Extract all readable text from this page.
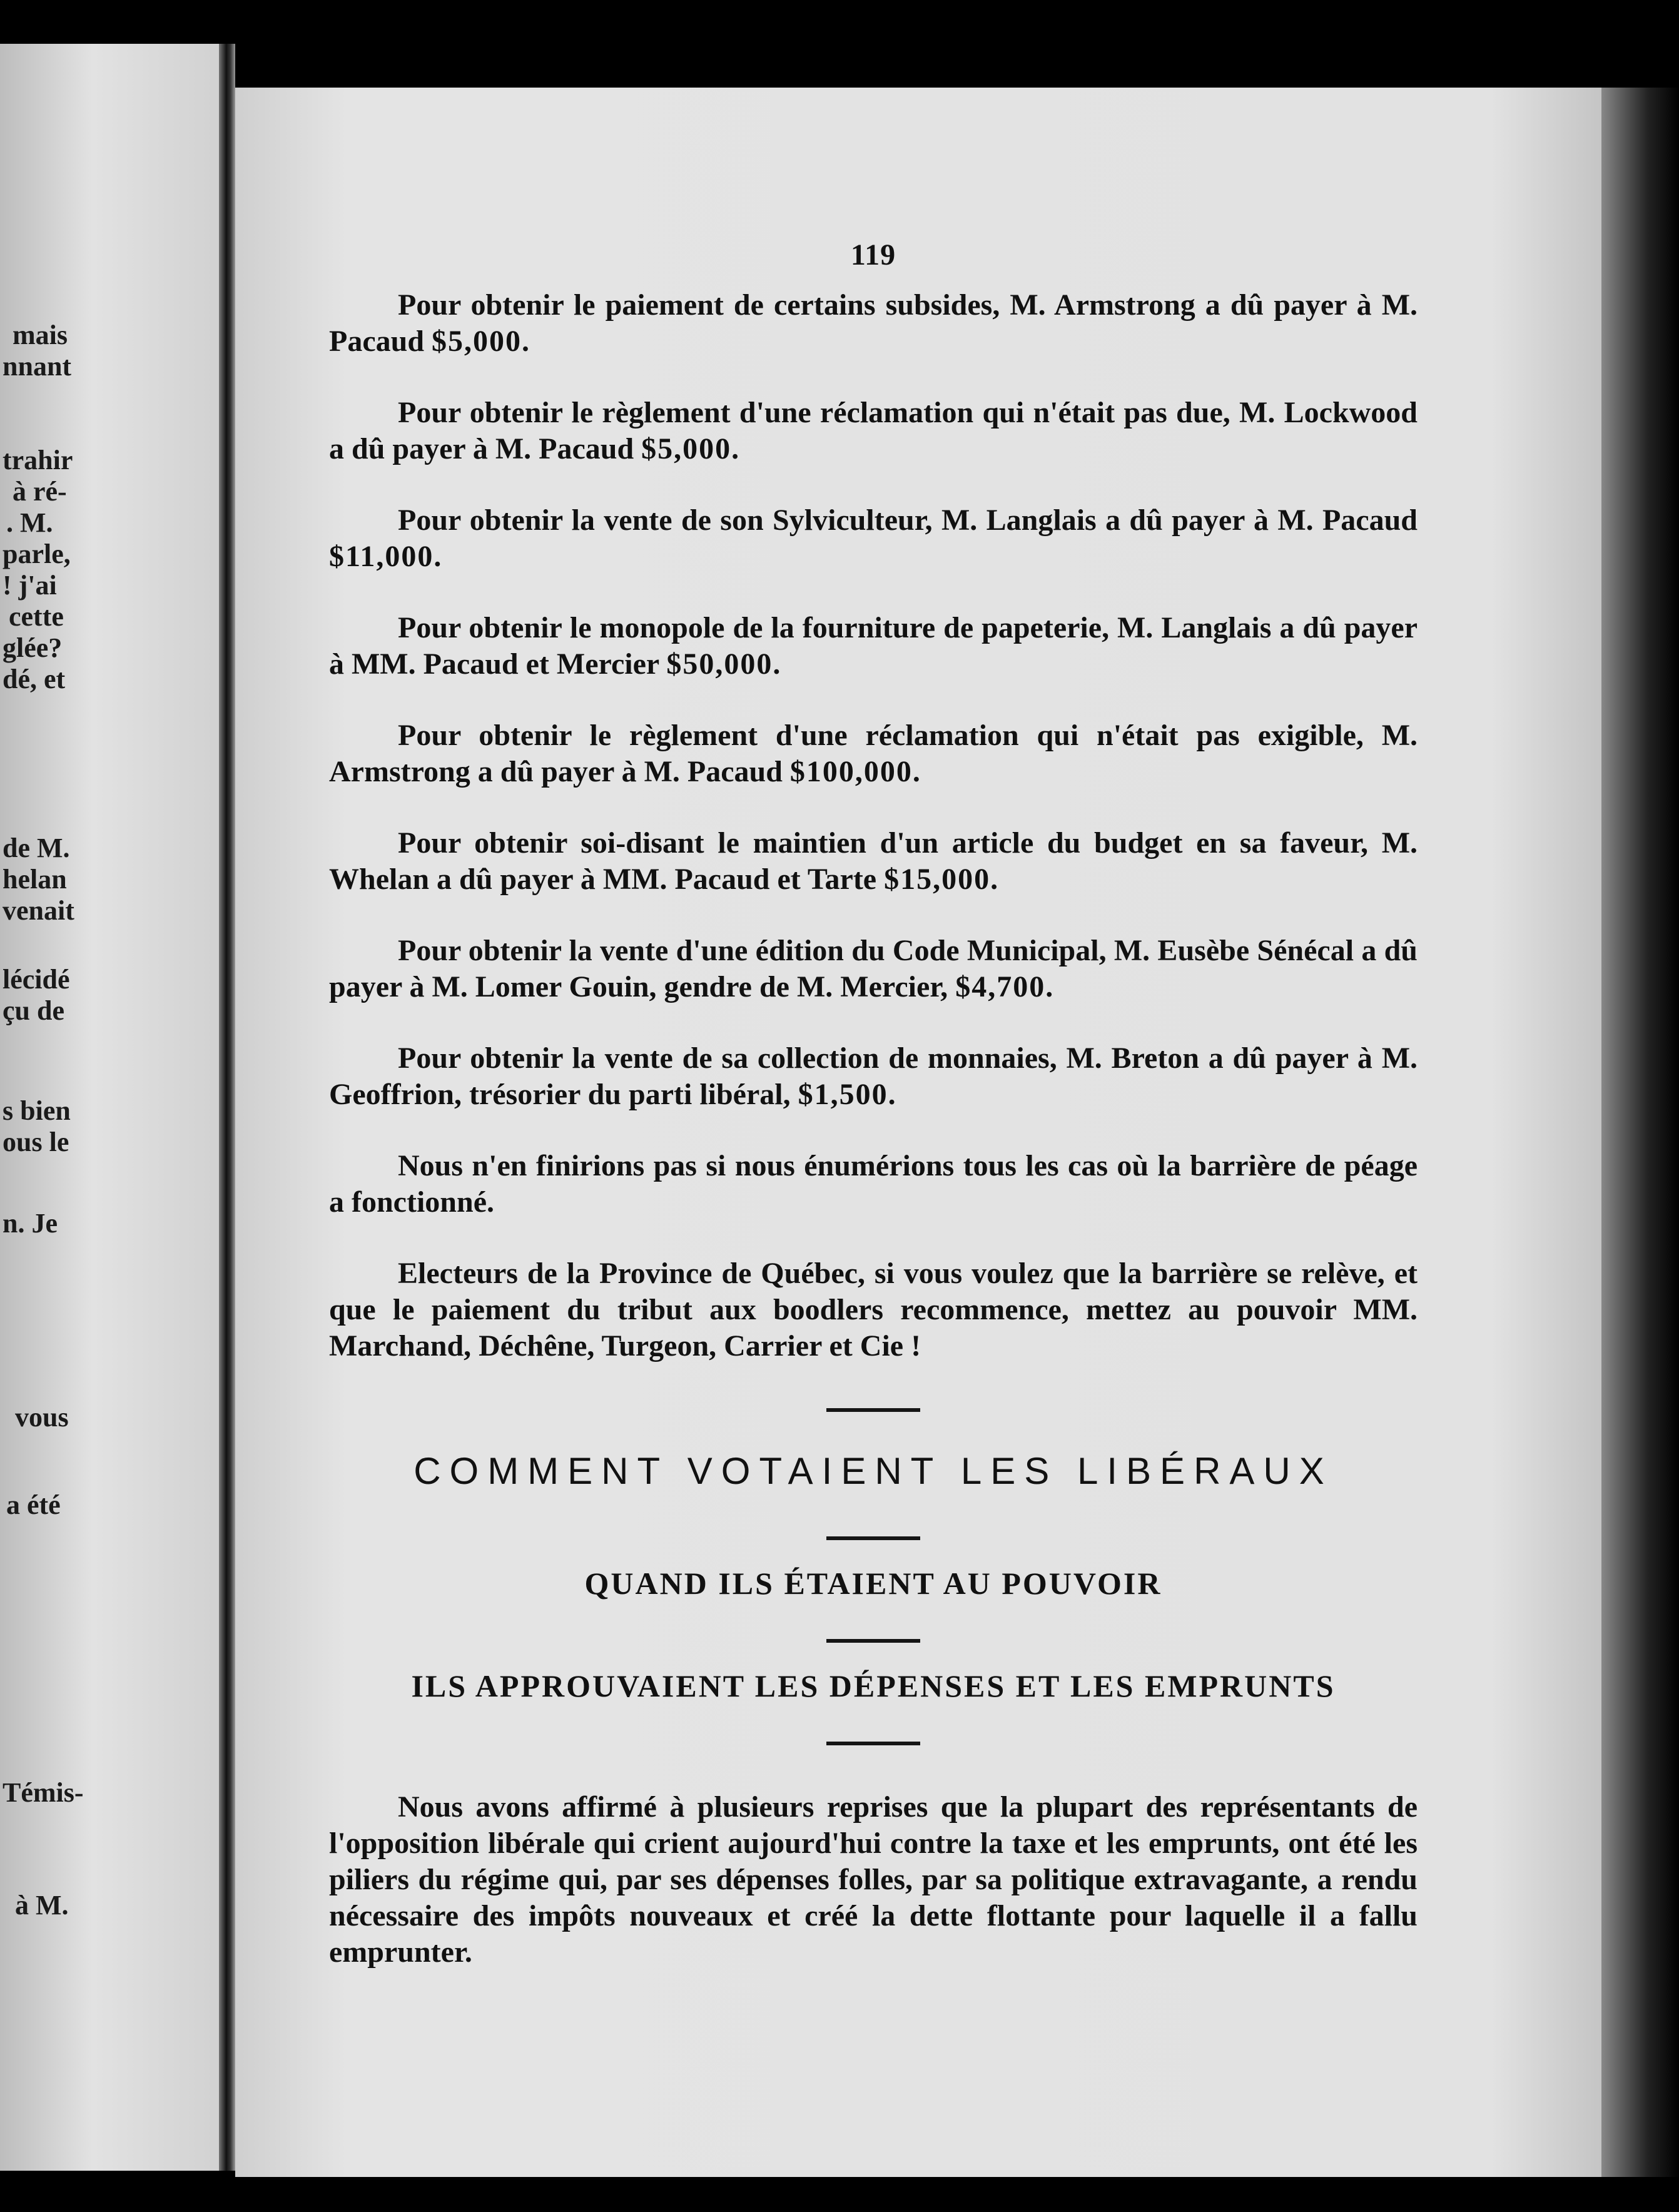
mais
nnant
trahir
à ré-
. M.
parle,
! j'ai
cette
glée?
dé, et
de M.
helan
venait
lécidé
çu de
s bien
ous le
n. Je
vous
a été
Témis-
à M.
119

Pour obtenir le paiement de certains subsides, M. Armstrong a dû payer à M. Pacaud $5,000.

Pour obtenir le règlement d'une réclamation qui n'était pas due, M. Lockwood a dû payer à M. Pacaud $5,000.

Pour obtenir la vente de son Sylviculteur, M. Langlais a dû payer à M. Pacaud $11,000.

Pour obtenir le monopole de la fourniture de papeterie, M. Langlais a dû payer à MM. Pacaud et Mercier $50,000.

Pour obtenir le règlement d'une réclamation qui n'était pas exigible, M. Armstrong a dû payer à M. Pacaud $100,000.

Pour obtenir soi-disant le maintien d'un article du budget en sa faveur, M. Whelan a dû payer à MM. Pacaud et Tarte $15,000.

Pour obtenir la vente d'une édition du Code Municipal, M. Eusèbe Sénécal a dû payer à M. Lomer Gouin, gendre de M. Mercier, $4,700.

Pour obtenir la vente de sa collection de monnaies, M. Breton a dû payer à M. Geoffrion, trésorier du parti libéral, $1,500.

Nous n'en finirions pas si nous énumérions tous les cas où la barrière de péage a fonctionné.

Electeurs de la Province de Québec, si vous voulez que la barrière se relève, et que le paiement du tribut aux boodlers recommence, mettez au pouvoir MM. Marchand, Déchêne, Turgeon, Carrier et Cie !

COMMENT VOTAIENT LES LIBÉRAUX
QUAND ILS ÉTAIENT AU POUVOIR
ILS APPROUVAIENT LES DÉPENSES ET LES EMPRUNTS

Nous avons affirmé à plusieurs reprises que la plupart des représentants de l'opposition libérale qui crient aujourd'hui contre la taxe et les emprunts, ont été les piliers du régime qui, par ses dépenses folles, par sa politique extravagante, a rendu nécessaire des impôts nouveaux et créé la dette flottante pour laquelle il a fallu emprunter.
